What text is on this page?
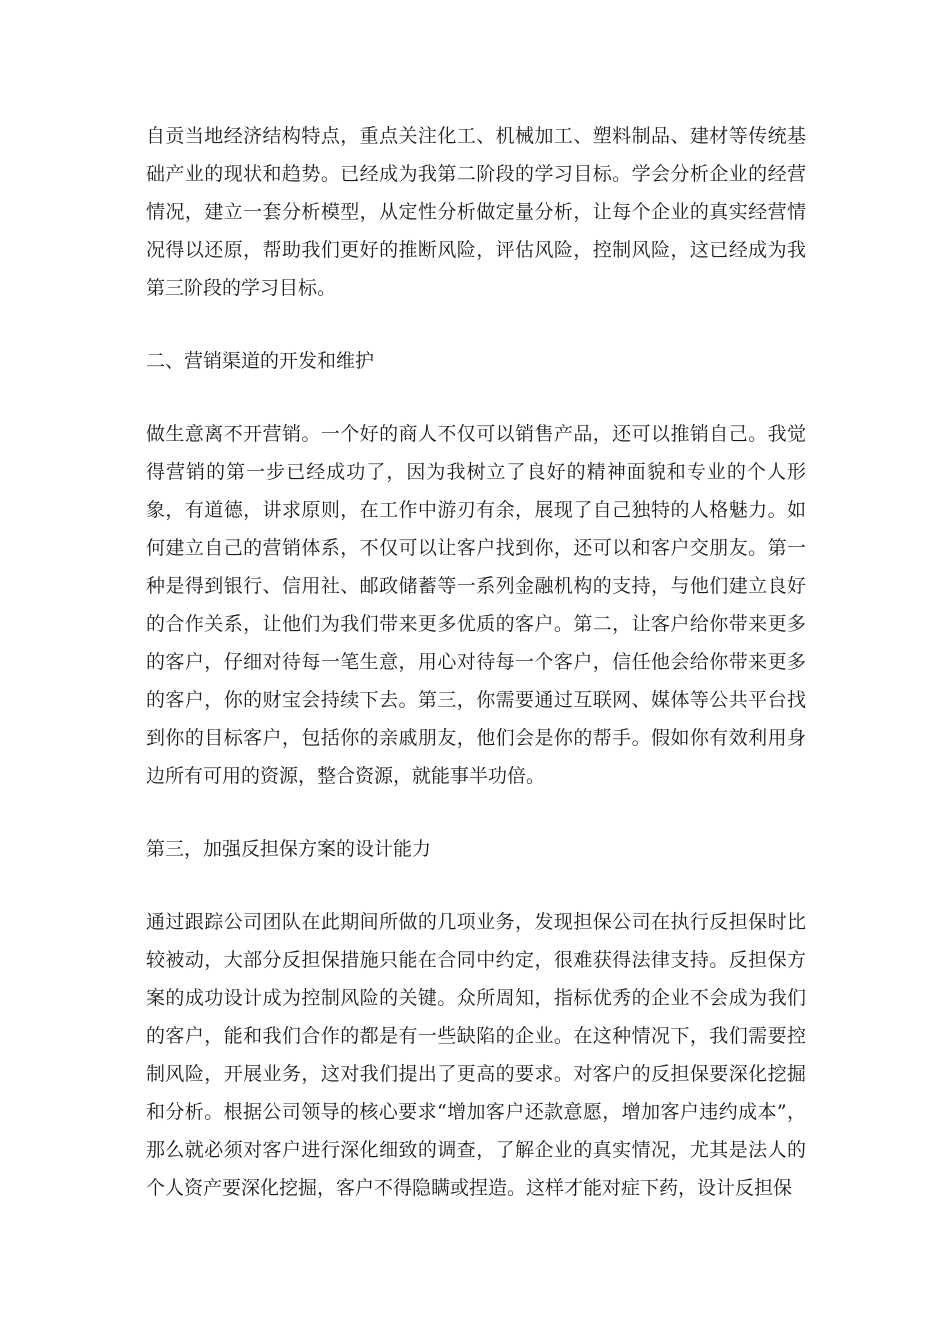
自贡当地经济结构特点，重点关注化工、机械加工、塑料制品、建材等传统基础产业的现状和趋势。已经成为我第二阶段的学习目标。学会分析企业的经营情况，建立一套分析模型，从定性分析做定量分析，让每个企业的真实经营情况得以还原，帮助我们更好的推断风险，评估风险，控制风险，这已经成为我第三阶段的学习目标。

二、营销渠道的开发和维护

做生意离不开营销。一个好的商人不仅可以销售产品，还可以推销自己。我觉得营销的第一步已经成功了，因为我树立了良好的精神面貌和专业的个人形象，有道德，讲求原则，在工作中游刃有余，展现了自己独特的人格魅力。如何建立自己的营销体系，不仅可以让客户找到你，还可以和客户交朋友。第一种是得到银行、信用社、邮政储蓄等一系列金融机构的支持，与他们建立良好的合作关系，让他们为我们带来更多优质的客户。第二，让客户给你带来更多的客户，仔细对待每一笔生意，用心对待每一个客户，信任他会给你带来更多的客户，你的财宝会持续下去。第三，你需要通过互联网、媒体等公共平台找到你的目标客户，包括你的亲戚朋友，他们会是你的帮手。假如你有效利用身边所有可用的资源，整合资源，就能事半功倍。

第三，加强反担保方案的设计能力

通过跟踪公司团队在此期间所做的几项业务，发现担保公司在执行反担保时比较被动，大部分反担保措施只能在合同中约定，很难获得法律支持。反担保方案的成功设计成为控制风险的关键。众所周知，指标优秀的企业不会成为我们的客户，能和我们合作的都是有一些缺陷的企业。在这种情况下，我们需要控制风险，开展业务，这对我们提出了更高的要求。对客户的反担保要深化挖掘和分析。根据公司领导的核心要求“增加客户还款意愿，增加客户违约成本”，那么就必须对客户进行深化细致的调查，了解企业的真实情况，尤其是法人的个人资产要深化挖掘，客户不得隐瞒或捏造。这样才能对症下药，设计反担保
